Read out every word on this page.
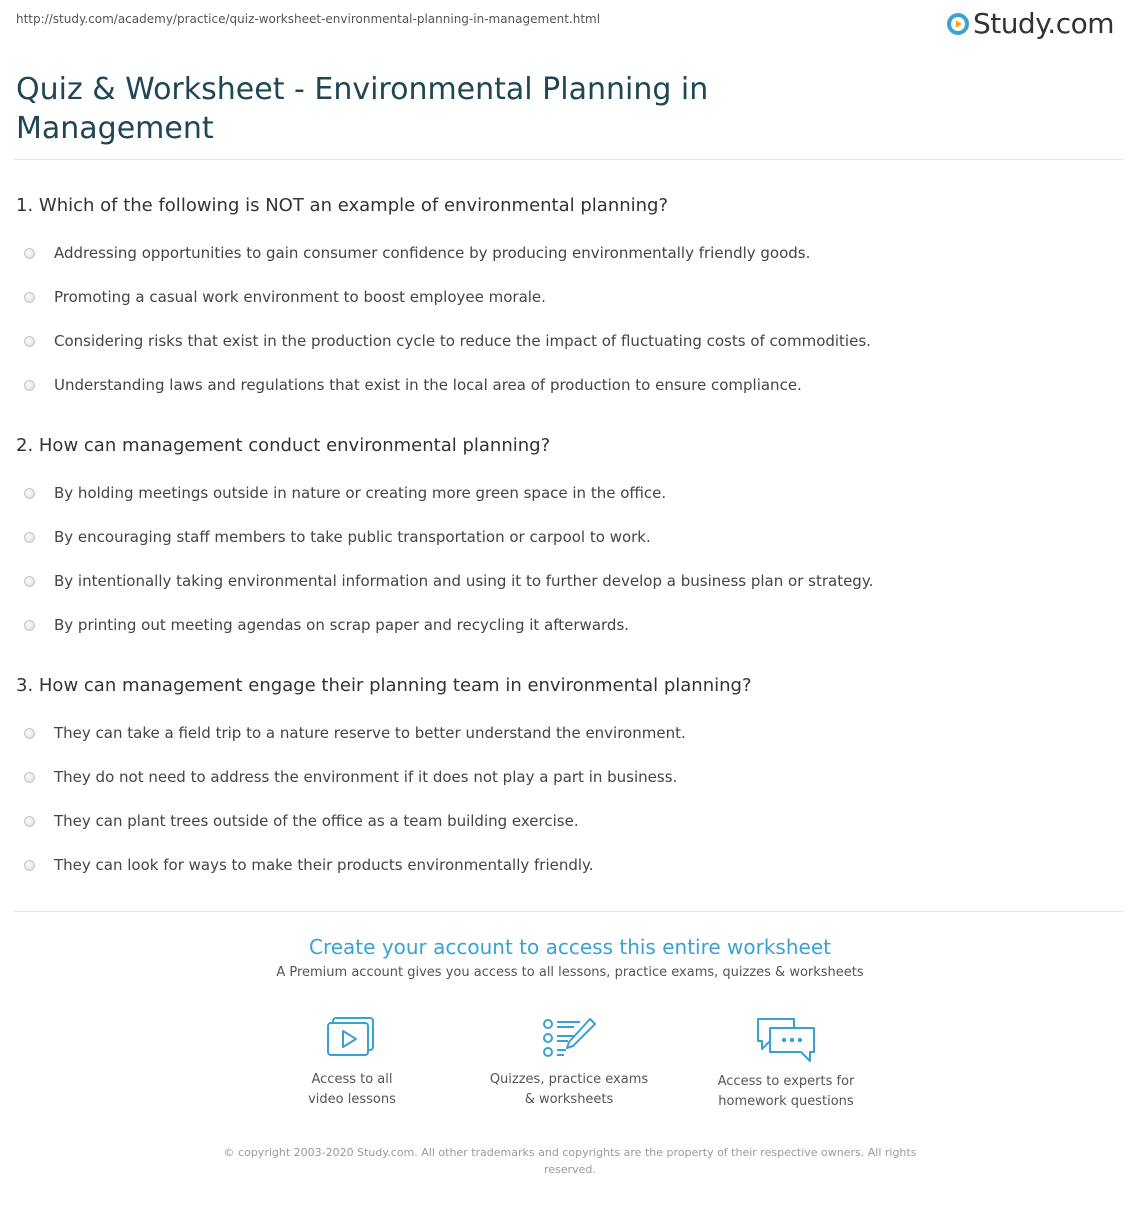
http://study.com/academy/practice/quiz-worksheet-environmental-planning-in-management.html	Study.com
Quiz & Worksheet - Environmental Planning in Management
1. Which of the following is NOT an example of environmental planning?
Addressing opportunities to gain consumer confidence by producing environmentally friendly goods.
Promoting a casual work environment to boost employee morale.
Considering risks that exist in the production cycle to reduce the impact of fluctuating costs of commodities.
Understanding laws and regulations that exist in the local area of production to ensure compliance.
2. How can management conduct environmental planning?
By holding meetings outside in nature or creating more green space in the office.
By encouraging staff members to take public transportation or carpool to work.
By intentionally taking environmental information and using it to further develop a business plan or strategy.
By printing out meeting agendas on scrap paper and recycling it afterwards.
3. How can management engage their planning team in environmental planning?
They can take a field trip to a nature reserve to better understand the environment.
They do not need to address the environment if it does not play a part in business.
They can plant trees outside of the office as a team building exercise.
They can look for ways to make their products environmentally friendly.
Create your account to access this entire worksheet
A Premium account gives you access to all lessons, practice exams, quizzes & worksheets
Access to all
video lessons
Quizzes, practice exams
& worksheets
Access to experts for
homework questions
© copyright 2003-2020 Study.com. All other trademarks and copyrights are the property of their respective owners. All rights reserved.
